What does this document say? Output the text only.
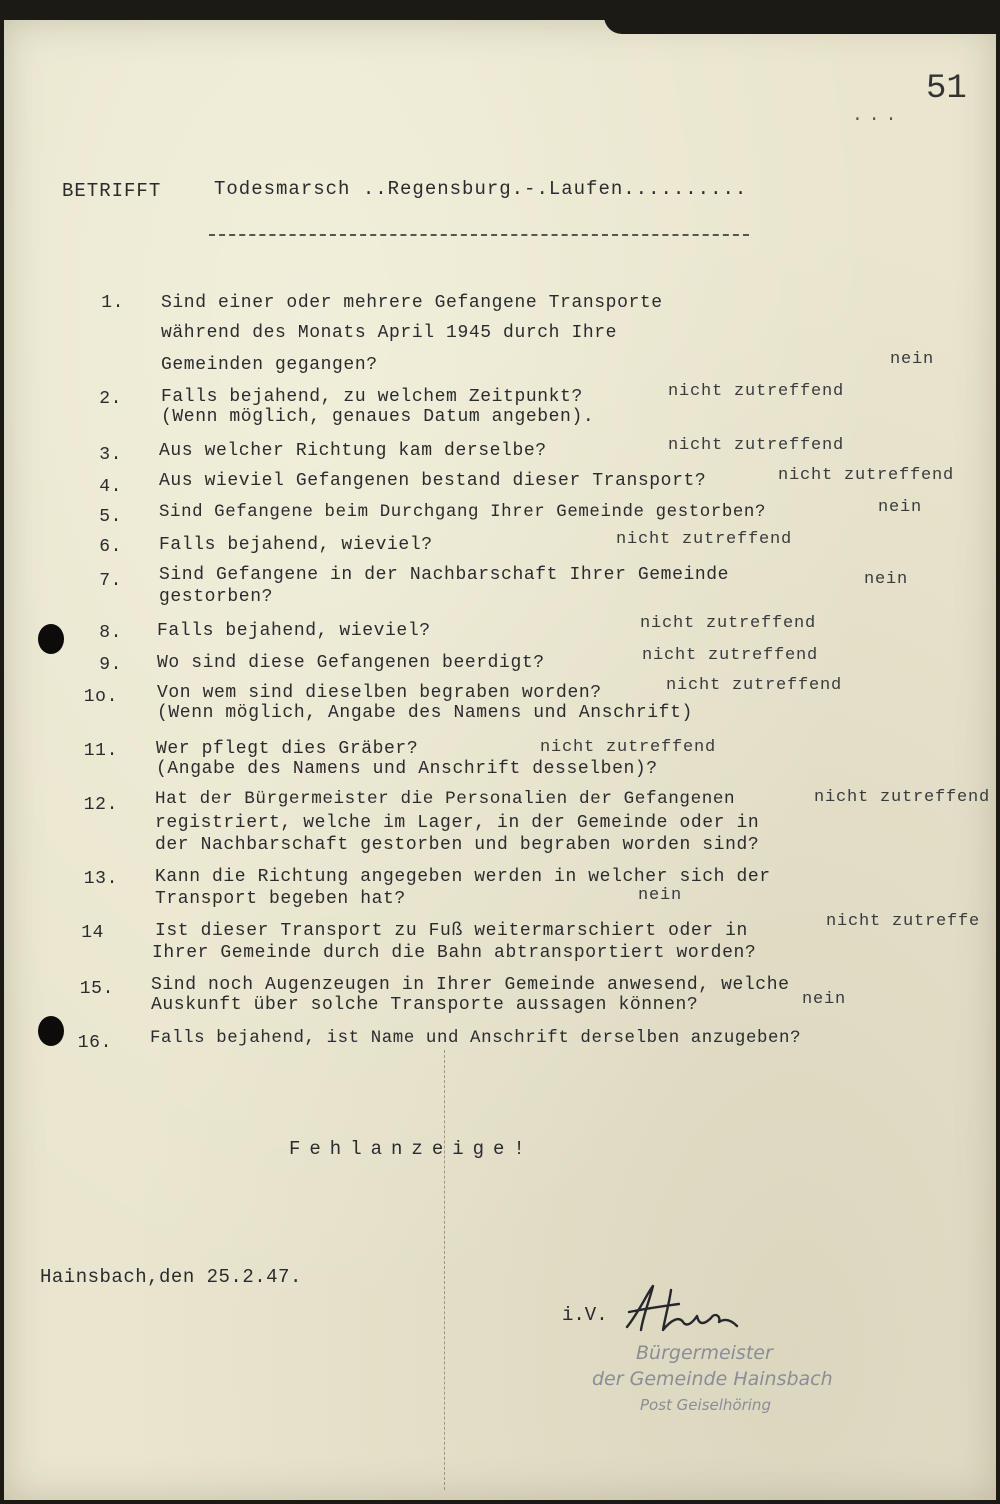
51
...
BETRIFFT	Todesmarsch ..Regensburg.-.Laufen..........
1. Sind einer oder mehrere Gefangene Transporte
während des Monats April 1945 durch Ihre
Gemeinden gegangen?	nein
2. Falls bejahend, zu welchem Zeitpunkt?
(Wenn möglich, genaues Datum angeben).
nicht zutreffend
3. Aus welcher Richtung kam derselbe?	nicht zutreffend
4. Aus wieviel Gefangenen bestand dieser Transport?	nicht zutreffend
5. Sind Gefangene beim Durchgang Ihrer Gemeinde gestorben?	nein
6. Falls bejahend, wieviel?	nicht zutreffend
7. Sind Gefangene in der Nachbarschaft Ihrer Gemeinde
gestorben?
nein
8. Falls bejahend, wieviel?	nicht zutreffend
9. Wo sind diese Gefangenen beerdigt?	nicht zutreffend
1o. Von wem sind dieselben begraben worden?
(Wenn möglich, Angabe des Namens und Anschrift)
nicht zutreffend
11. Wer pflegt dies Gräber?
(Angabe des Namens und Anschrift desselben)?
nicht zutreffend
12. Hat der Bürgermeister die Personalien der Gefangenen
registriert, welche im Lager, in der Gemeinde oder in
der Nachbarschaft gestorben und begraben worden sind?
nicht zutreffend
13. Kann die Richtung angegeben werden in welcher sich der
Transport begeben hat?	nein
14	Ist dieser Transport zu Fuß weitermarschiert oder in
Ihrer Gemeinde durch die Bahn abtransportiert worden?
nicht zutreffe
15. Sind noch Augenzeugen in Ihrer Gemeinde anwesend, welche
Auskunft über solche Transporte aussagen können?	nein
16. Falls bejahend, ist Name und Anschrift derselben anzugeben?
Fehlanzeige!
Hainsbach,den 25.2.47.
i.V.
Bürgermeister
der Gemeinde Hainsbach
Post Geiselhöring
